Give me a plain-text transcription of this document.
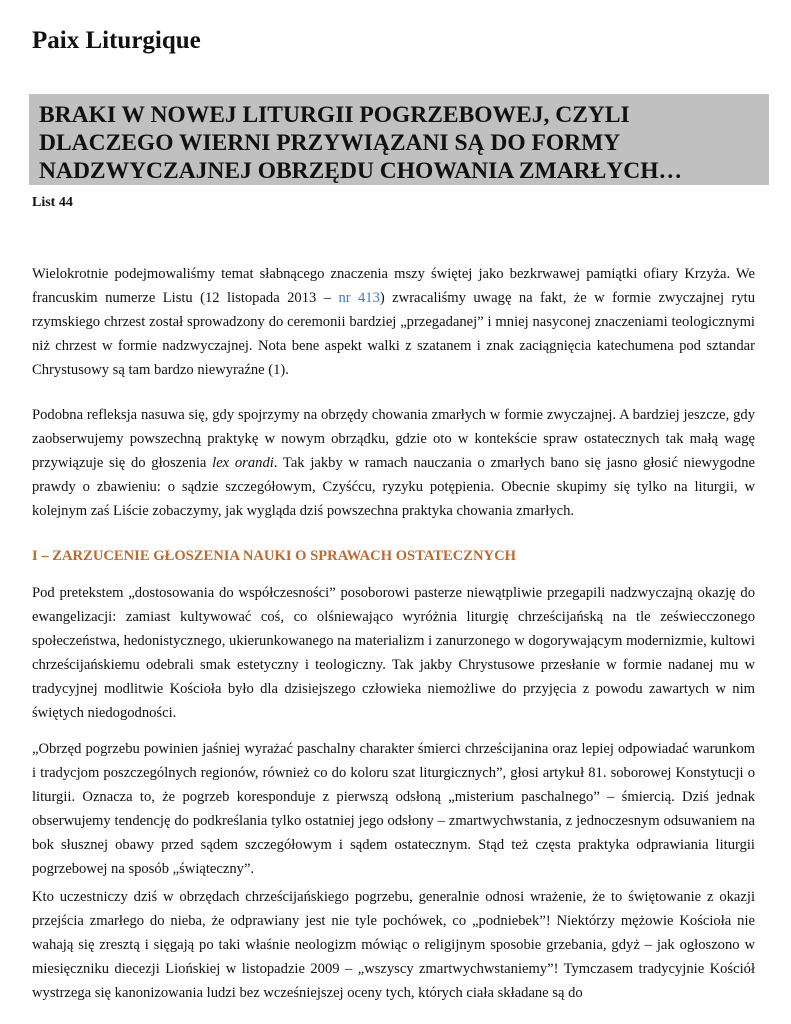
Paix Liturgique

BRAKI W NOWEJ LITURGII POGRZEBOWEJ, CZYLI DLACZEGO WIERNI PRZYWIĄZANI SĄ DO FORMY NADZWYCZAJNEJ OBRZĘDU CHOWANIA ZMARŁYCH…

List 44

Wielokrotnie podejmowaliśmy temat słabnącego znaczenia mszy świętej jako bezkrwawej pamiątki ofiary Krzyża. We francuskim numerze Listu (12 listopada 2013 – nr 413) zwracaliśmy uwagę na fakt, że w formie zwyczajnej rytu rzymskiego chrzest został sprowadzony do ceremonii bardziej „przegadanej” i mniej nasyconej znaczeniami teologicznymi niż chrzest w formie nadzwyczajnej. Nota bene aspekt walki z szatanem i znak zaciągnięcia katechumena pod sztandar Chrystusowy są tam bardzo niewyraźne (1).

Podobna refleksja nasuwa się, gdy spojrzymy na obrzędy chowania zmarłych w formie zwyczajnej. A bardziej jeszcze, gdy zaobserwujemy powszechną praktykę w nowym obrządku, gdzie oto w kontekście spraw ostatecznych tak małą wagę przywiązuje się do głoszenia lex orandi. Tak jakby w ramach nauczania o zmarłych bano się jasno głosić niewygodne prawdy o zbawieniu: o sądzie szczegółowym, Czyśćcu, ryzyku potępienia. Obecnie skupimy się tylko na liturgii, w kolejnym zaś Liście zobaczymy, jak wygląda dziś powszechna praktyka chowania zmarłych.

I – ZARZUCENIE GŁOSZENIA NAUKI O SPRAWACH OSTATECZNYCH

Pod pretekstem „dostosowania do współczesności” posoborowi pasterze niewątpliwie przegapili nadzwyczajną okazję do ewangelizacji: zamiast kultywować coś, co olśniewająco wyróżnia liturgię chrześcijańską na tle zeświecczonego społeczeństwa, hedonistycznego, ukierunkowanego na materializm i zanurzonego w dogorywającym modernizmie, kultowi chrześcijańskiemu odebrali smak estetyczny i teologiczny. Tak jakby Chrystusowe przesłanie w formie nadanej mu w tradycyjnej modlitwie Kościoła było dla dzisiejszego człowieka niemożliwe do przyjęcia z powodu zawartych w nim świętych niedogodności.

„Obrzęd pogrzebu powinien jaśniej wyrażać paschalny charakter śmierci chrześcijanina oraz lepiej odpowiadać warunkom i tradycjom poszczególnych regionów, również co do koloru szat liturgicznych”, głosi artykuł 81. soborowej Konstytucji o liturgii. Oznacza to, że pogrzeb koresponduje z pierwszą odsłoną „misterium paschalnego” – śmiercią. Dziś jednak obserwujemy tendencję do podkreślania tylko ostatniej jego odsłony – zmartwychwstania, z jednoczesnym odsuwaniem na bok słusznej obawy przed sądem szczegółowym i sądem ostatecznym. Stąd też częsta praktyka odprawiania liturgii pogrzebowej na sposób „świąteczny”.

Kto uczestniczy dziś w obrzędach chrześcijańskiego pogrzebu, generalnie odnosi wrażenie, że to świętowanie z okazji przejścia zmarłego do nieba, że odprawiany jest nie tyle pochówek, co „podniebek”! Niektórzy mężowie Kościoła nie wahają się zresztą i sięgają po taki właśnie neologizm mówiąc o religijnym sposobie grzebania, gdyż – jak ogłoszono w miesięczniku diecezji Liońskiej w listopadzie 2009 – „wszyscy zmartwychwstaniemy”! Tymczasem tradycyjnie Kościół wystrzega się kanonizowania ludzi bez wcześniejszej oceny tych, których ciała składane są do
